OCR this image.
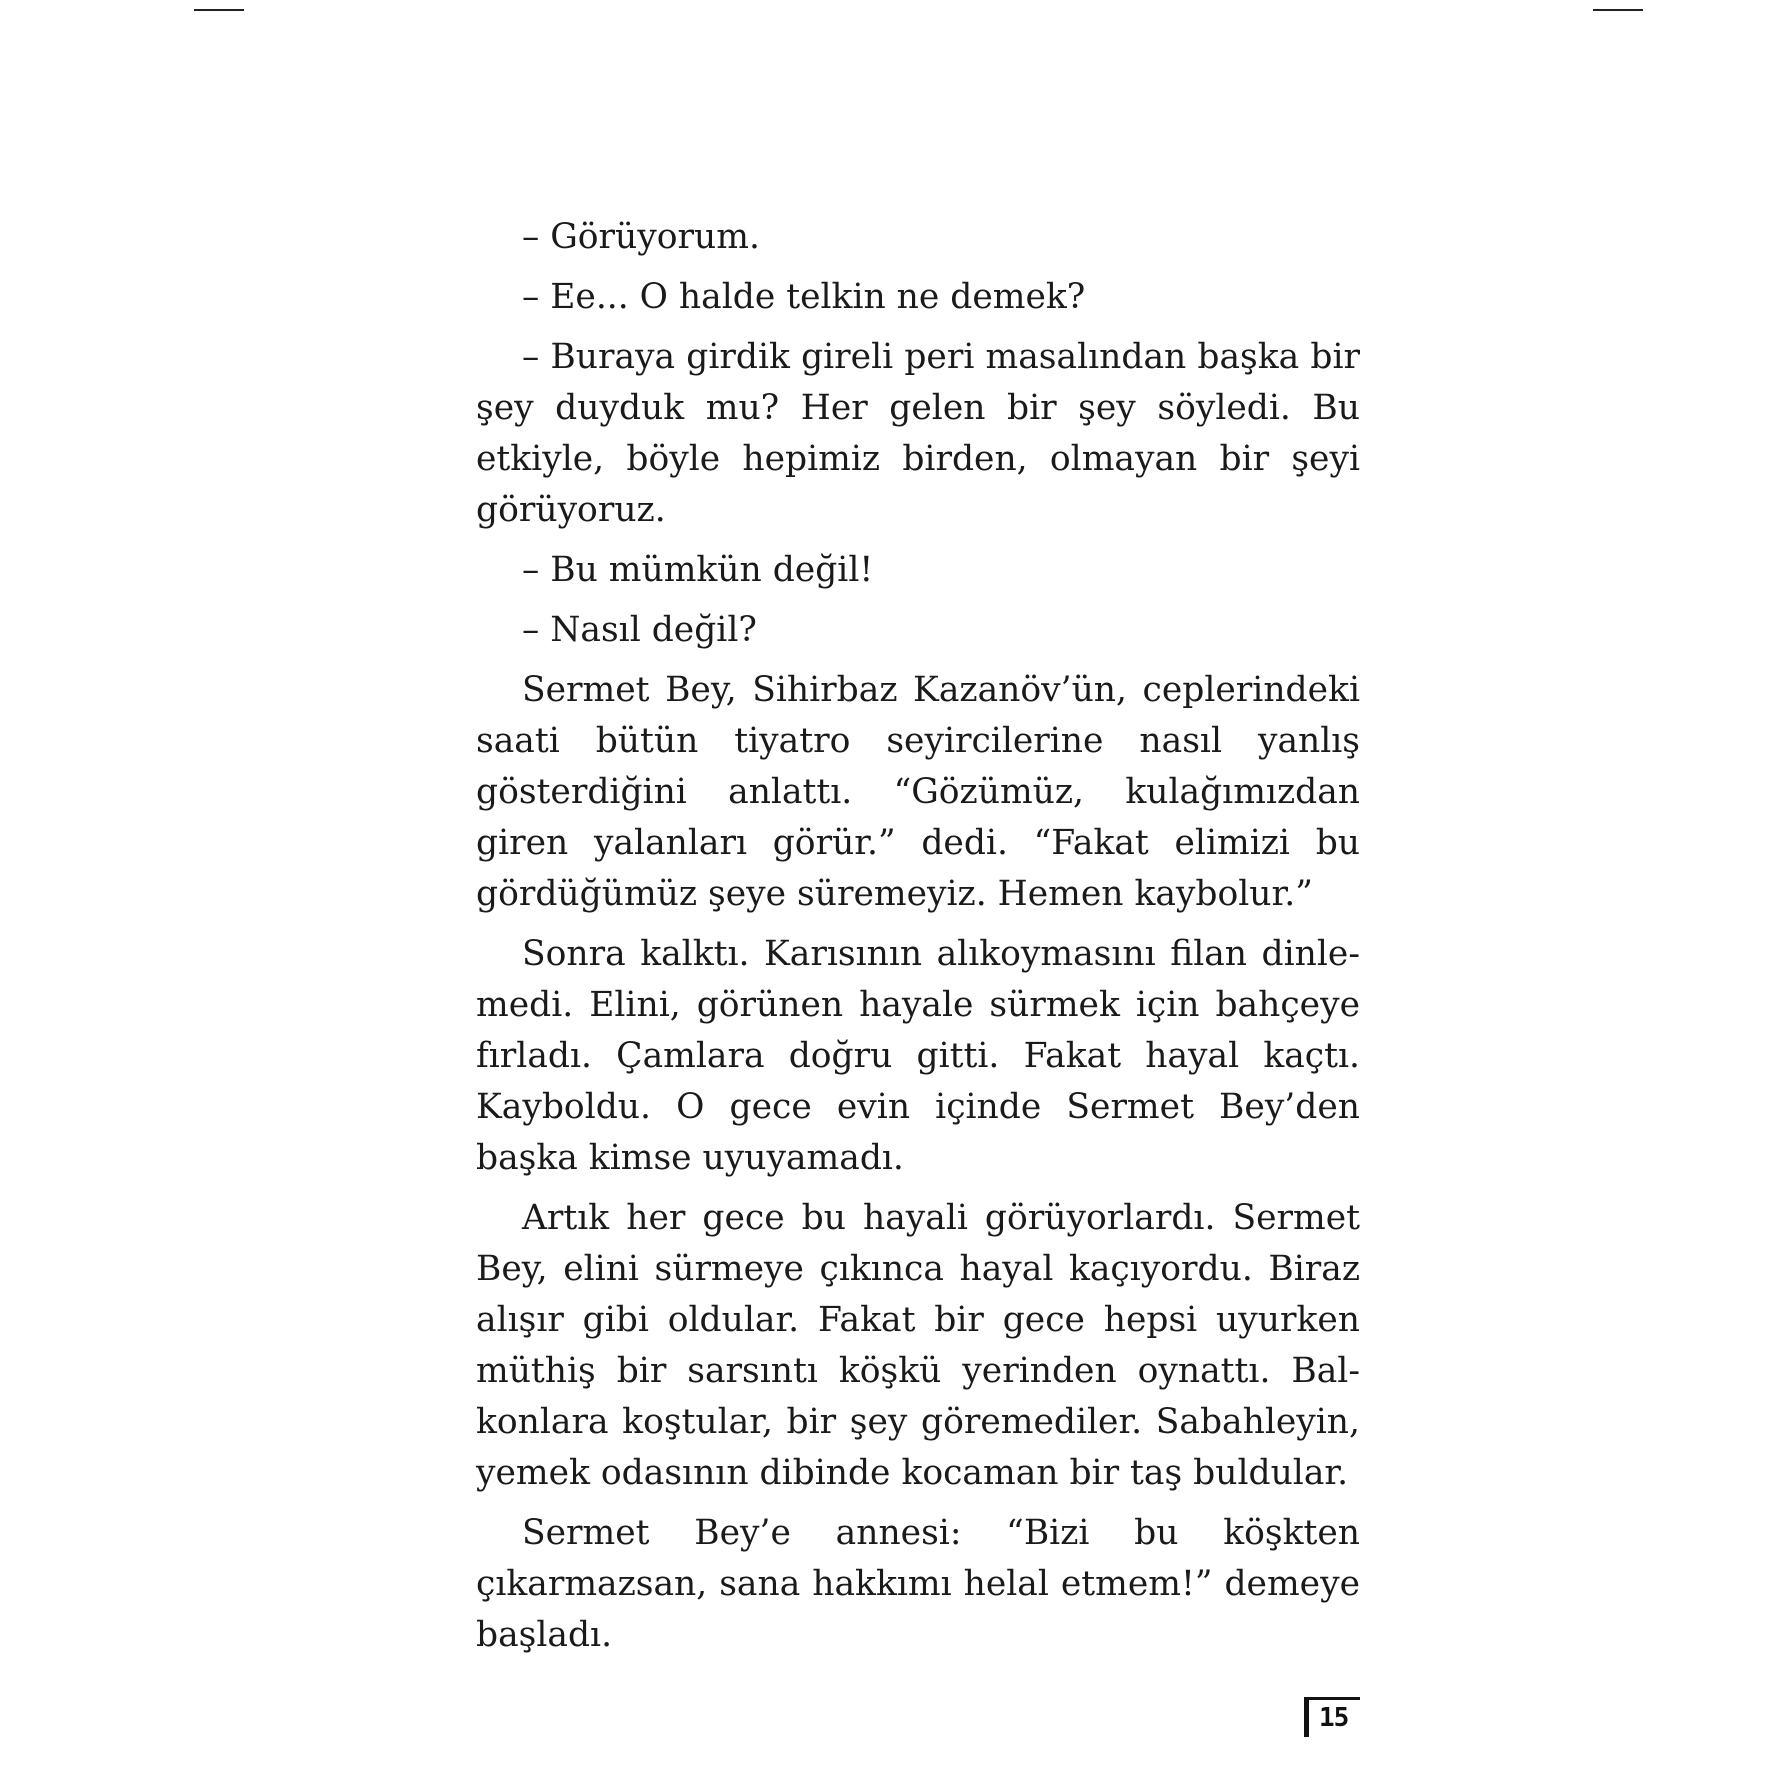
– Görüyorum.

– Ee... O halde telkin ne demek?

– Buraya girdik gireli peri masalından başka bir şey duyduk mu? Her gelen bir şey söyledi. Bu etkiyle, böyle hepimiz birden, olmayan bir şeyi görüyoruz.

– Bu mümkün değil!

– Nasıl değil?

Sermet Bey, Sihirbaz Kazanöv’ün, ceplerindeki saati bütün tiyatro seyircilerine nasıl yanlış gösterdiğini anlattı. “Gözümüz, kulağımızdan giren yalanları görür.” dedi. “Fakat elimizi bu gördüğümüz şeye süremeyiz. Hemen kaybolur.”

Sonra kalktı. Karısının alıkoymasını filan dinlemedi. Elini, görünen hayale sürmek için bahçeye fırladı. Çamlara doğru gitti. Fakat hayal kaçtı. Kayboldu. O gece evin içinde Sermet Bey’den başka kimse uyuyamadı.

Artık her gece bu hayali görüyorlardı. Sermet Bey, elini sürmeye çıkınca hayal kaçıyordu. Biraz alışır gibi oldular. Fakat bir gece hepsi uyurken müthiş bir sarsıntı köşkü yerinden oynattı. Balkonlara koştular, bir şey göremediler. Sabahleyin, yemek odasının dibinde kocaman bir taş buldular.

Sermet Bey’e annesi: “Bizi bu köşkten çıkarmazsan, sana hakkımı helal etmem!” demeye başladı.

15
